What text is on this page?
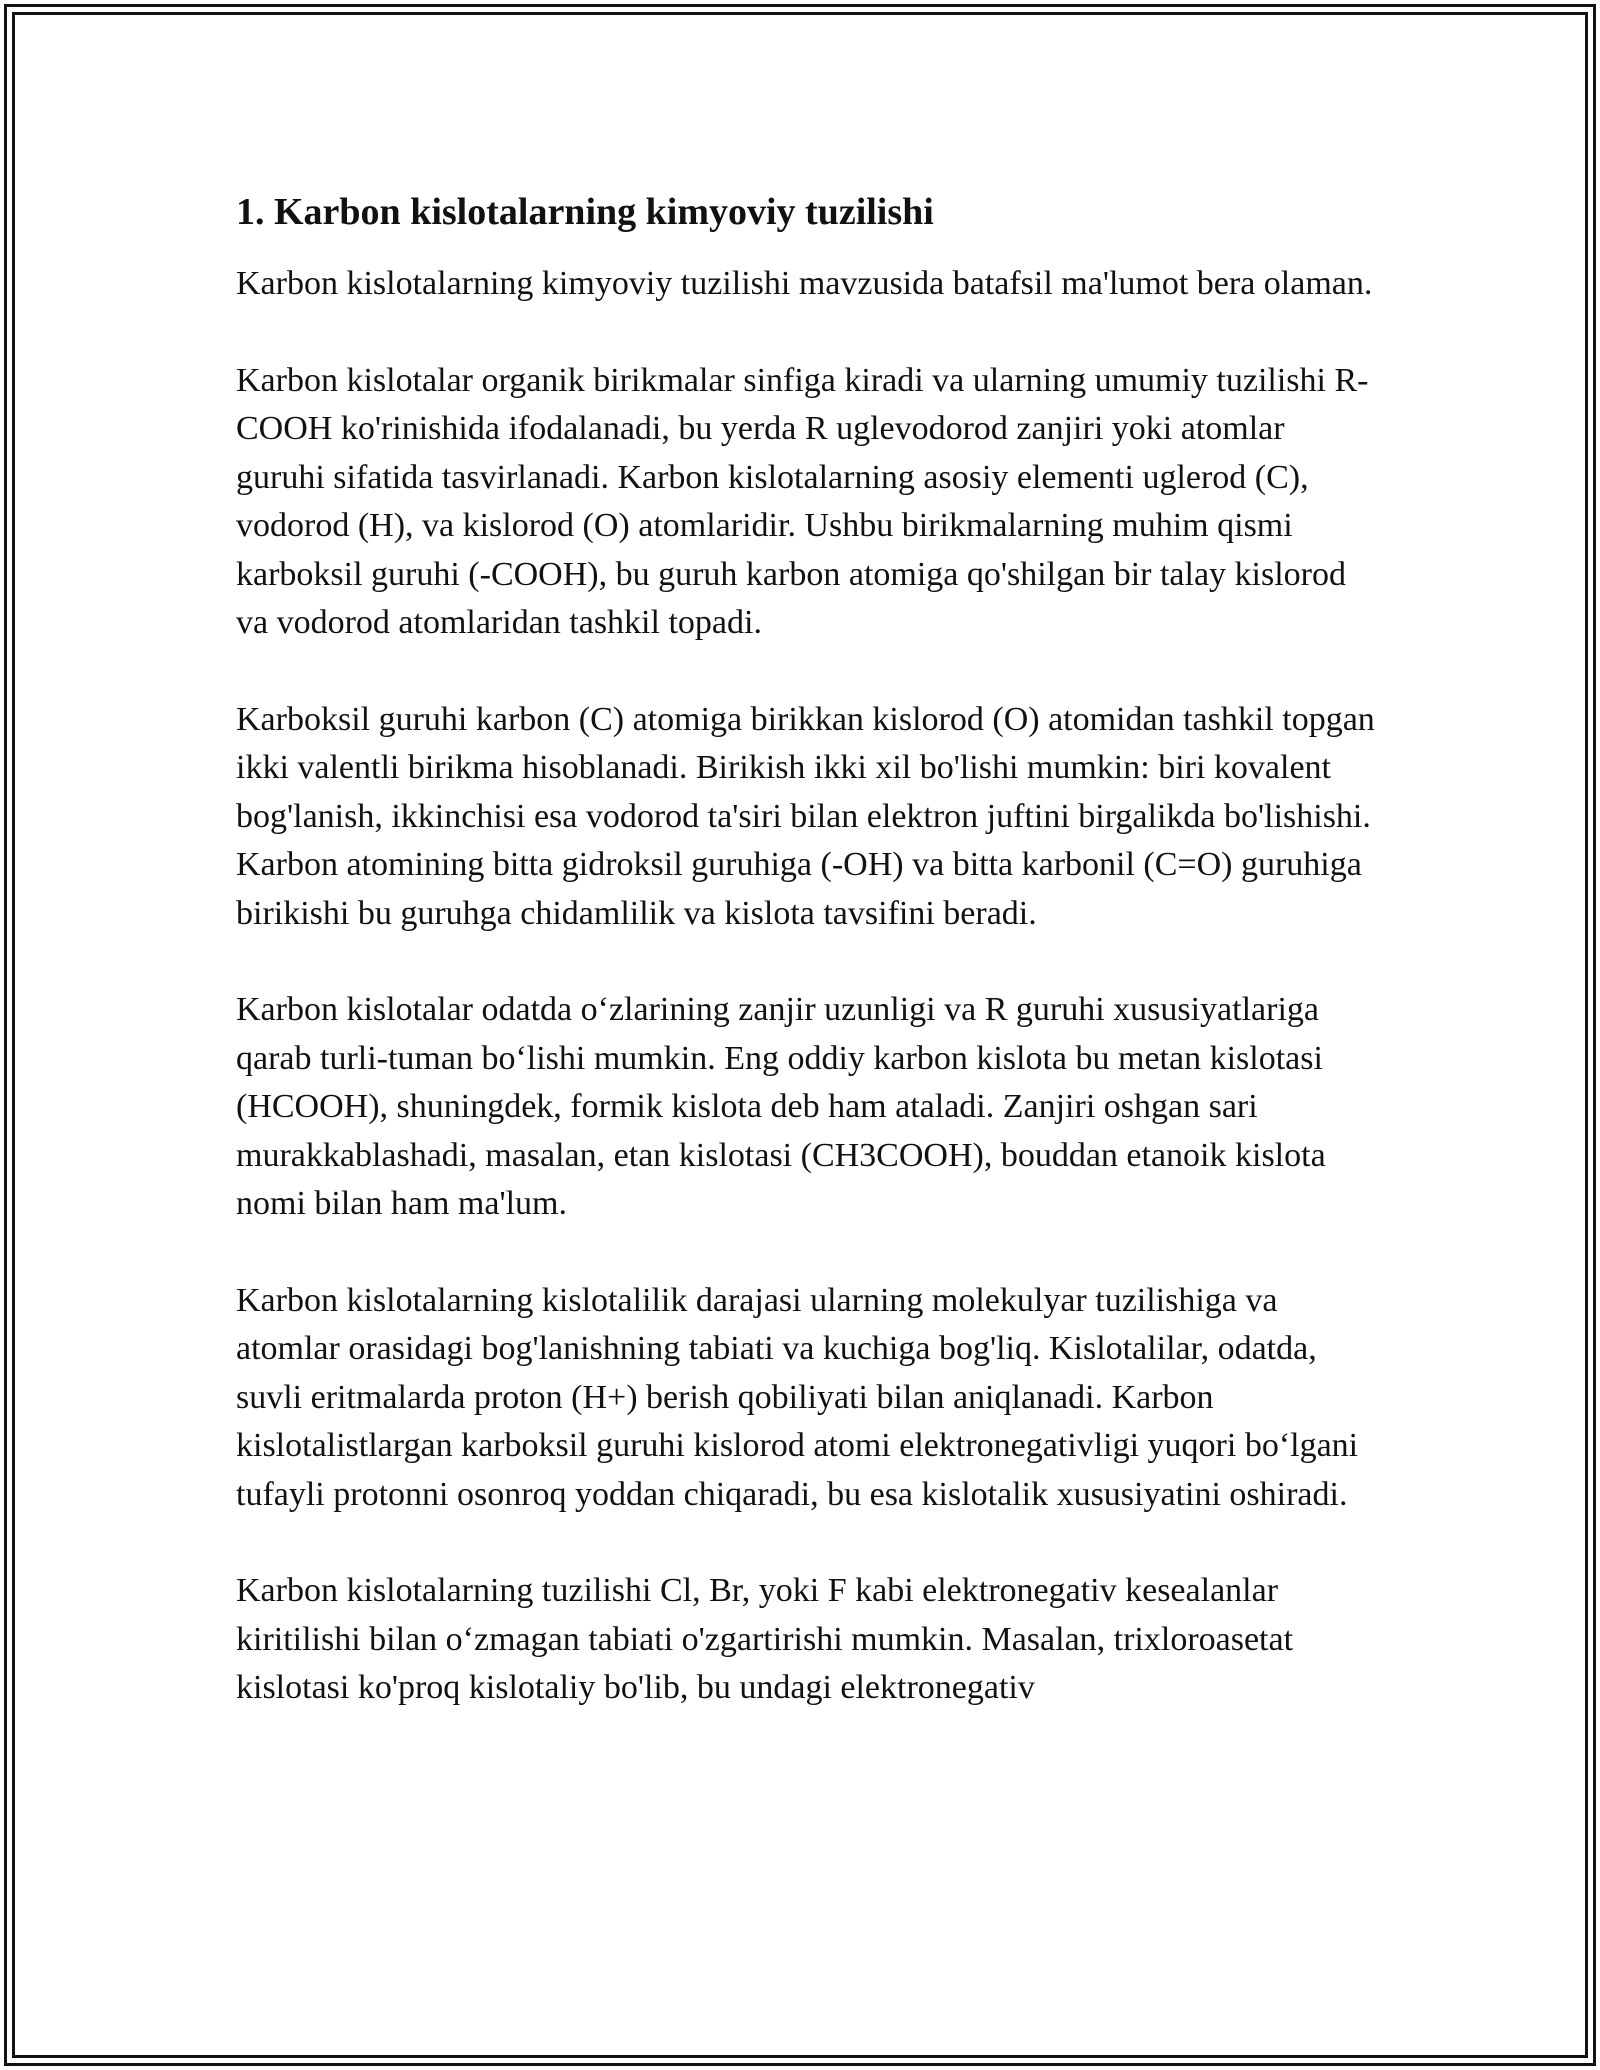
1. Karbon kislotalarning kimyoviy tuzilishi

Karbon kislotalarning kimyoviy tuzilishi mavzusida batafsil ma'lumot bera olaman.

Karbon kislotalar organik birikmalar sinfiga kiradi va ularning umumiy tuzilishi R-COOH ko'rinishida ifodalanadi, bu yerda R uglevodorod zanjiri yoki atomlar guruhi sifatida tasvirlanadi. Karbon kislotalarning asosiy elementi uglerod (C), vodorod (H), va kislorod (O) atomlaridir. Ushbu birikmalarning muhim qismi karboksil guruhi (-COOH), bu guruh karbon atomiga qo'shilgan bir talay kislorod va vodorod atomlaridan tashkil topadi.

Karboksil guruhi karbon (C) atomiga birikkan kislorod (O) atomidan tashkil topgan ikki valentli birikma hisoblanadi. Birikish ikki xil bo'lishi mumkin: biri kovalent bog'lanish, ikkinchisi esa vodorod ta'siri bilan elektron juftini birgalikda bo'lishishi. Karbon atomining bitta gidroksil guruhiga (-OH) va bitta karbonil (C=O) guruhiga birikishi bu guruhga chidamlilik va kislota tavsifini beradi.

Karbon kislotalar odatda o‘zlarining zanjir uzunligi va R guruhi xususiyatlariga qarab turli-tuman bo‘lishi mumkin. Eng oddiy karbon kislota bu metan kislotasi (HCOOH), shuningdek, formik kislota deb ham ataladi. Zanjiri oshgan sari murakkablashadi, masalan, etan kislotasi (CH3COOH), bouddan etanoik kislota nomi bilan ham ma'lum.

Karbon kislotalarning kislotalilik darajasi ularning molekulyar tuzilishiga va atomlar orasidagi bog'lanishning tabiati va kuchiga bog'liq. Kislotalilar, odatda, suvli eritmalarda proton (H+) berish qobiliyati bilan aniqlanadi. Karbon kislotalistlargan karboksil guruhi kislorod atomi elektronegativligi yuqori bo‘lgani tufayli protonni osonroq yoddan chiqaradi, bu esa kislotalik xususiyatini oshiradi.

Karbon kislotalarning tuzilishi Cl, Br, yoki F kabi elektronegativ kesealanlar kiritilishi bilan o‘zmagan tabiati o'zgartirishi mumkin. Masalan, trixloroasetat kislotasi ko'proq kislotaliy bo'lib, bu undagi elektronegativ
